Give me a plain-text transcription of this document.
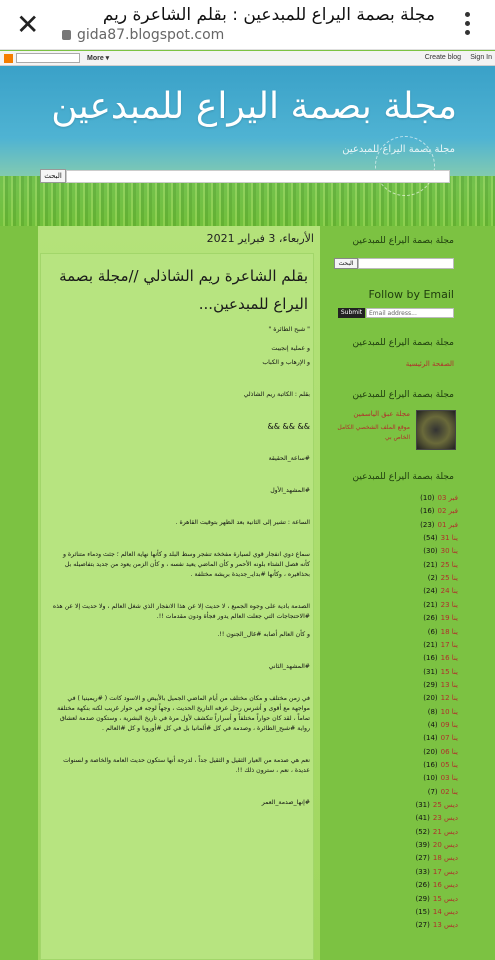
✕	مجلة بصمة اليراع للمبدعين : بقلم الشاعرة ريم
gida87.blogspot.com
More ▾	Create blog Sign In
مجلة بصمة اليراع للمبدعين
مجلة بصمة اليراع للمبدعين
البحث
الأربعاء، 3 فبراير 2021
بقلم الشاعرة ريم الشاذلي //مجلة بصمة اليراع للمبدعين...

" شبح الطائرة "

و عملية إنجيبت

و الإرهاب و الكباب

بقلم : الكاتبة ريم الشاذلي

&& && &&

#ساعة_الحقيقة

#المشهد_الأول

الساعة : تشير إلى الثانية بعد الظهر بتوقيت القاهرة .

سماع دوي انفجار قوي لسيارة مفخخة تنفجر وسط البلد و كأنها نهاية العالم ؛ جثث ودماء متناثرة و كأنه فصل الشتاء بلونه الأحمر و كأن الماضي يعيد نفسه ، و كأن الزمن يعود من جديد بتفاصيله بل بحذافيره ، وكأنها #بدايـ_جديدة بريشة مختلفة .

الصدمة بادية على وجوه الجميع ، لا حديث إلا عن هذا الانفجار الذي شغل العالم ، ولا حديث إلا عن هذه #الاحتجاجات التي جعلت العالم يدور فجأة ودون مقدمات !!.

و كأن العالم أصابه #غال_الجنون !!.

#المشهد_الثاني

في زمن مختلف و مكان مختلف من أيام الماضي الجميل بالأبيض و الاسود كانت ( #ريمينيا ) في مواجهة مع أقوى و أشرس رجل عرفه التاريخ الحديث ، وجهاً لوجه في حوار غريب لكنه بنكهة مختلفة تماماً ، لقد كان حواراً مختلفاً و أسراراً تنكشف لأول مرة في تاريخ البشرية ، وستكون صدمة لعشاق رواية #شبح_الطائرة ، وصدمة في كل #ألمانيا بل في كل #أوروبا و كل #العالم .

نعم هي صدمة من العيار الثقيل و الثقيل جداً ، لدرجة أنها ستكون حديث العامة والخاصة و لسنوات عديدة ، نعم ، سترون ذلك !!.

#إنها_صدمة_العمر

مجلة بصمة اليراع للمبدعين
البحث
Follow by Email
Email address...
Submit
مجلة بصمة اليراع للمبدعين
الصفحة الرئيسية
مجلة بصمة اليراع للمبدعين
مجلة عبق الياسمين
موقع الملف الشخصي الكامل الخاص بي
مجلة بصمة اليراع للمبدعين
فبر 03(10)
فبر 02(16)
فبر 01(23)
ينا 31(54)
ينا 30(30)
ينا 25(21)
ينا 25(2)
ينا 24(24)
ينا 23(21)
ينا 19(26)
ينا 18(6)
ينا 17(21)
ينا 16(16)
ينا 15(31)
ينا 13(29)
ينا 12(20)
ينا 10(8)
ينا 09(4)
ينا 07(14)
ينا 06(20)
ينا 05(16)
ينا 03(10)
ينا 02(7)
ديس 25(31)
ديس 23(41)
ديس 21(52)
ديس 20(39)
ديس 18(27)
ديس 17(33)
ديس 16(26)
ديس 15(29)
ديس 14(15)
ديس 13(27)
